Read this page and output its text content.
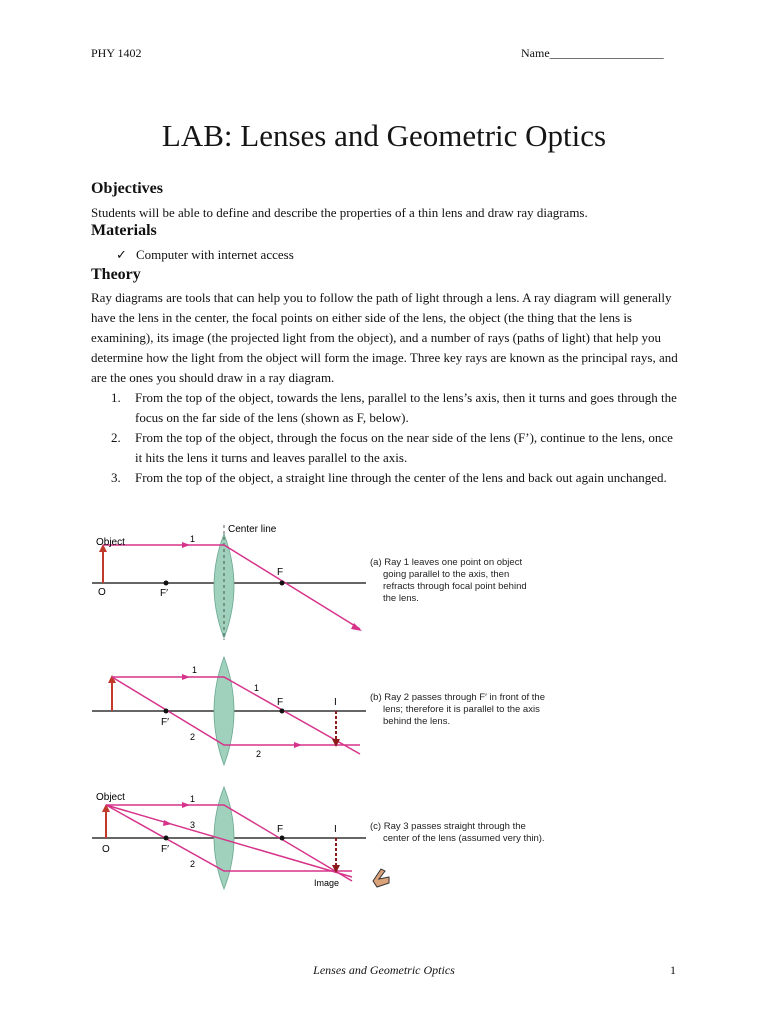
PHY 1402	Name___________________
LAB: Lenses and Geometric Optics
Objectives
Students will be able to define and describe the properties of a thin lens and draw ray diagrams.
Materials
✓ Computer with internet access
Theory
Ray diagrams are tools that can help you to follow the path of light through a lens. A ray diagram will generally have the lens in the center, the focal points on either side of the lens, the object (the thing that the lens is examining), its image (the projected light from the object), and a number of rays (paths of light) that help you determine how the light from the object will form the image. Three key rays are known as the principal rays, and are the ones you should draw in a ray diagram.
1. From the top of the object, towards the lens, parallel to the lens’s axis, then it turns and goes through the focus on the far side of the lens (shown as F, below).
2. From the top of the object, through the focus on the near side of the lens (F’), continue to the lens, once it hits the lens it turns and leaves parallel to the axis.
3. From the top of the object, a straight line through the center of the lens and back out again unchanged.
Object
Center line
1
O	F′
F
1
1
2
2
F′
F	I
Object	1
3
2
O	F′
F	I
Image
(a) Ray 1 leaves one point on object
going parallel to the axis, then
refracts through focal point behind
the lens.
(b) Ray 2 passes through F′ in front of the
lens; therefore it is parallel to the axis
behind the lens.
(c) Ray 3 passes straight through the
center of the lens (assumed very thin).
Lenses and Geometric Optics	1
